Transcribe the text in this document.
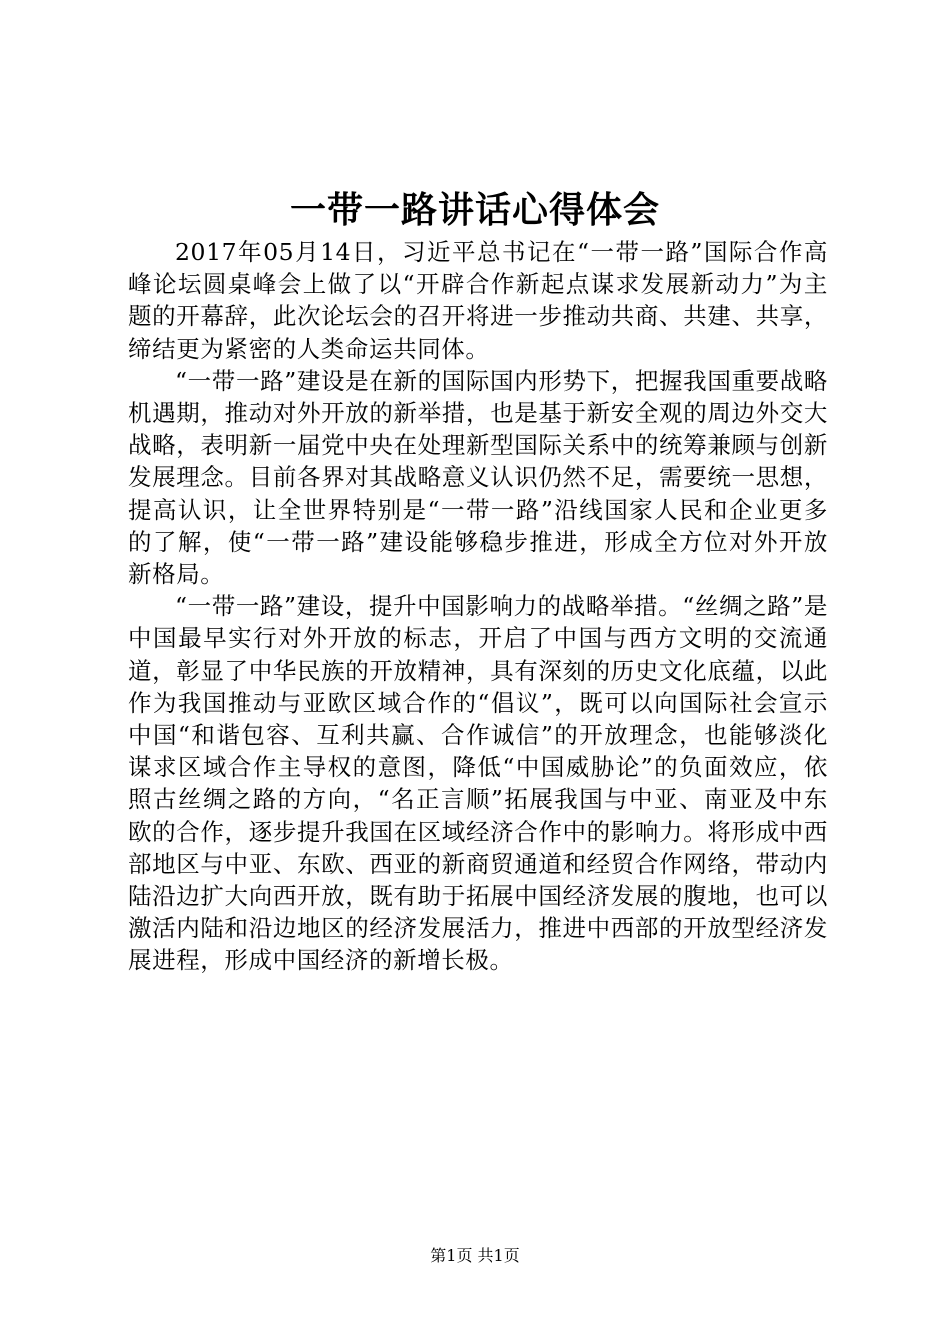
一带一路讲话心得体会

2017年05月14日，习近平总书记在“一带一路”国际合作高峰论坛圆桌峰会上做了以“开辟合作新起点谋求发展新动力”为主题的开幕辞，此次论坛会的召开将进一步推动共商、共建、共享，缔结更为紧密的人类命运共同体。

“一带一路”建设是在新的国际国内形势下，把握我国重要战略机遇期，推动对外开放的新举措，也是基于新安全观的周边外交大战略，表明新一届党中央在处理新型国际关系中的统筹兼顾与创新发展理念。目前各界对其战略意义认识仍然不足，需要统一思想，提高认识，让全世界特别是“一带一路”沿线国家人民和企业更多的了解，使“一带一路”建设能够稳步推进，形成全方位对外开放新格局。

“一带一路”建设，提升中国影响力的战略举措。“丝绸之路”是中国最早实行对外开放的标志，开启了中国与西方文明的交流通道，彰显了中华民族的开放精神，具有深刻的历史文化底蕴，以此作为我国推动与亚欧区域合作的“倡议”，既可以向国际社会宣示中国“和谐包容、互利共赢、合作诚信”的开放理念，也能够淡化谋求区域合作主导权的意图，降低“中国威胁论”的负面效应，依照古丝绸之路的方向，“名正言顺”拓展我国与中亚、南亚及中东欧的合作，逐步提升我国在区域经济合作中的影响力。将形成中西部地区与中亚、东欧、西亚的新商贸通道和经贸合作网络，带动内陆沿边扩大向西开放，既有助于拓展中国经济发展的腹地，也可以激活内陆和沿边地区的经济发展活力，推进中西部的开放型经济发展进程，形成中国经济的新增长极。

第1页 共1页
